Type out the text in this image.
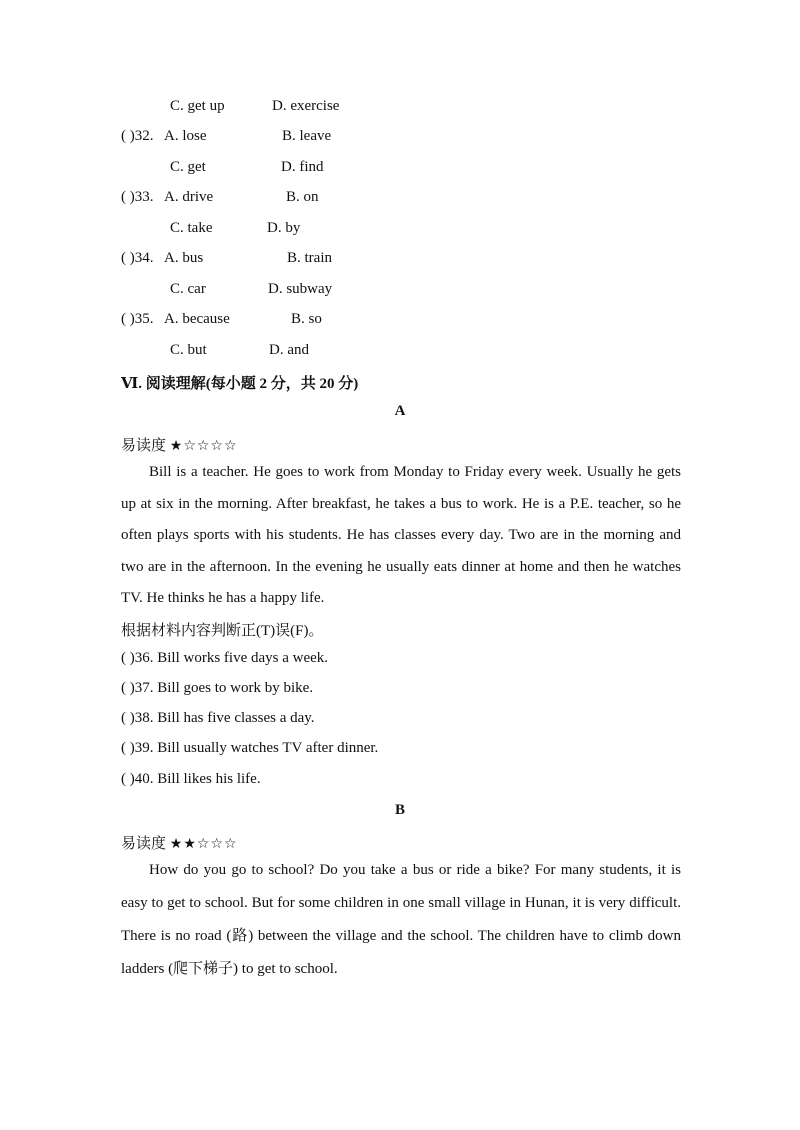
C. get up	D. exercise
( )32. A. lose	B. leave
C. get	D. find
( )33. A. drive	B. on
C. take	D. by
( )34. A. bus	B. train
C. car	D. subway
( )35. A. because	B. so
C. but	D. and
Ⅵ. 阅读理解(每小题 2 分，共 20 分)
A
易读度 ★☆☆☆☆
Bill is a teacher. He goes to work from Monday to Friday every week. Usually he gets up at six in the morning. After breakfast, he takes a bus to work. He is a P.E. teacher, so he often plays sports with his students. He has classes every day. Two are in the morning and two are in the afternoon. In the evening he usually eats dinner at home and then he watches TV. He thinks he has a happy life.
根据材料内容判断正(T)误(F)。
( )36. Bill works five days a week.
( )37. Bill goes to work by bike.
( )38. Bill has five classes a day.
( )39. Bill usually watches TV after dinner.
( )40. Bill likes his life.
B
易读度 ★★☆☆☆
How do you go to school? Do you take a bus or ride a bike? For many students, it is easy to get to school. But for some children in one small village in Hunan, it is very difficult. There is no road (路) between the village and the school. The children have to climb down ladders (爬下梯子) to get to school.
